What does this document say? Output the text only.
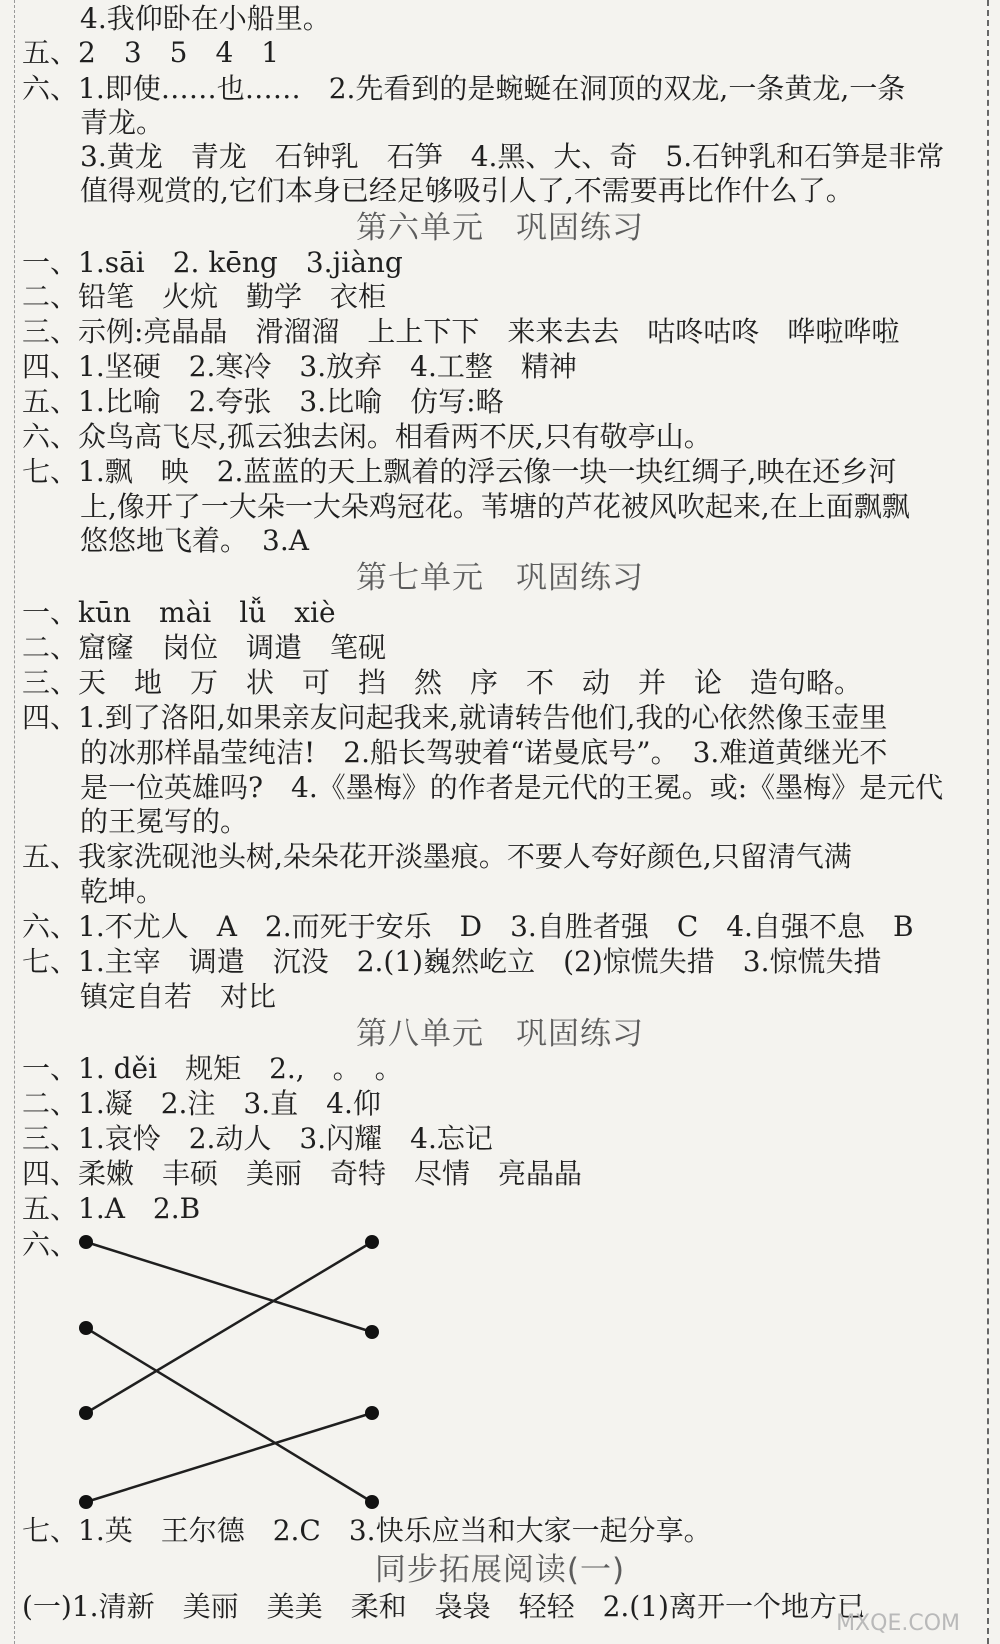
4.我仰卧在小船里。
五、2　3　5　4　1
六、1.即使……也……　2.先看到的是蜿蜒在洞顶的双龙,一条黄龙,一条
青龙。
3.黄龙　青龙　石钟乳　石笋　4.黑、大、奇　5.石钟乳和石笋是非常
值得观赏的,它们本身已经足够吸引人了,不需要再比作什么了。
第六单元　巩固练习
一、1.sāi　2. kēng　3.jiàng
二、铅笔　火炕　勤学　衣柜
三、示例:亮晶晶　滑溜溜　上上下下　来来去去　咕咚咕咚　哗啦哗啦
四、1.坚硬　2.寒冷　3.放弃　4.工整　精神
五、1.比喻　2.夸张　3.比喻　仿写:略
六、众鸟高飞尽,孤云独去闲。相看两不厌,只有敬亭山。
七、1.飘　映　2.蓝蓝的天上飘着的浮云像一块一块红绸子,映在还乡河
上,像开了一大朵一大朵鸡冠花。苇塘的芦花被风吹起来,在上面飘飘
悠悠地飞着。　3.A
第七单元　巩固练习
一、kūn　mài　lǚ　xiè
二、窟窿　岗位　调遣　笔砚
三、天　地　万　状　可　挡　然　序　不　动　并　论　造句略。
四、1.到了洛阳,如果亲友问起我来,就请转告他们,我的心依然像玉壶里
的冰那样晶莹纯洁!　2.船长驾驶着“诺曼底号”。　3.难道黄继光不
是一位英雄吗?　4.《墨梅》的作者是元代的王冕。或:《墨梅》是元代
的王冕写的。
五、我家洗砚池头树,朵朵花开淡墨痕。不要人夸好颜色,只留清气满
乾坤。
六、1.不尤人　A　2.而死于安乐　D　3.自胜者强　C　4.自强不息　B
七、1.主宰　调遣　沉没　2.(1)巍然屹立　(2)惊慌失措　3.惊慌失措
镇定自若　对比
第八单元　巩固练习
一、1. děi　规矩　2.,　。　。
二、1.凝　2.注　3.直　4.仰
三、1.哀怜　2.动人　3.闪耀　4.忘记
四、柔嫩　丰硕　美丽　奇特　尽情　亮晶晶
五、1.A　2.B
六、
七、1.英　王尔德　2.C　3.快乐应当和大家一起分享。
同步拓展阅读(一)
(一)1.清新　美丽　美美　柔和　袅袅　轻轻　2.(1)离开一个地方已
MXQE.COM
